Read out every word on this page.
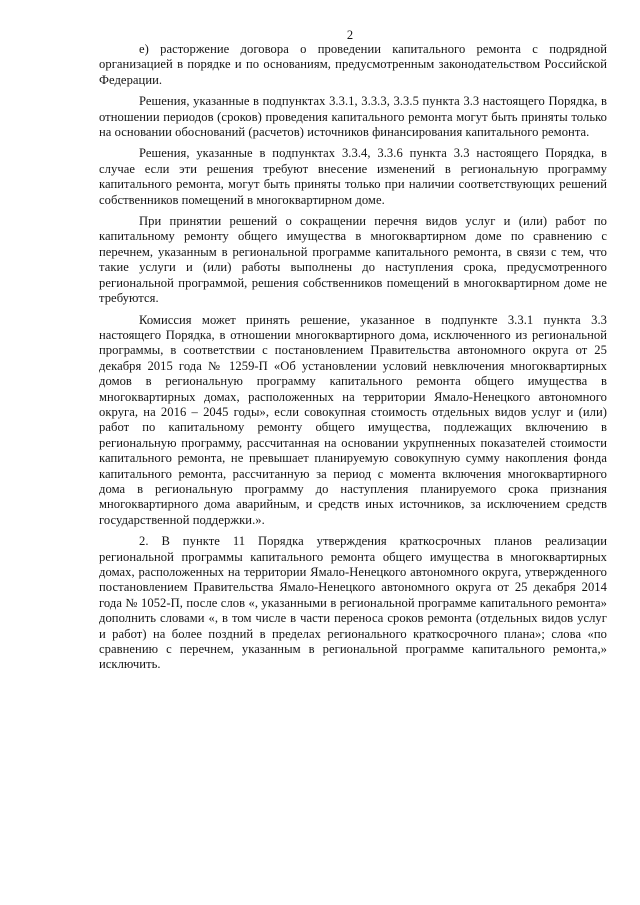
2

е) расторжение договора о проведении капитального ремонта с подрядной организацией в порядке и по основаниям, предусмотренным законодательством Российской Федерации.

Решения, указанные в подпунктах 3.3.1, 3.3.3, 3.3.5 пункта 3.3 настоящего Порядка, в отношении периодов (сроков) проведения капитального ремонта могут быть приняты только на основании обоснований (расчетов) источников финансирования капитального ремонта.

Решения, указанные в подпунктах 3.3.4, 3.3.6 пункта 3.3 настоящего Порядка, в случае если эти решения требуют внесение изменений в региональную программу капитального ремонта, могут быть приняты только при наличии соответствующих решений собственников помещений в многоквартирном доме.

При принятии решений о сокращении перечня видов услуг и (или) работ по капитальному ремонту общего имущества в многоквартирном доме по сравнению с перечнем, указанным в региональной программе капитального ремонта, в связи с тем, что такие услуги и (или) работы выполнены до наступления срока, предусмотренного региональной программой, решения собственников помещений в многоквартирном доме не требуются.

Комиссия может принять решение, указанное в подпункте 3.3.1 пункта 3.3 настоящего Порядка, в отношении многоквартирного дома, исключенного из региональной программы, в соответствии с постановлением Правительства автономного округа от 25 декабря 2015 года № 1259-П «Об установлении условий невключения многоквартирных домов в региональную программу капитального ремонта общего имущества в многоквартирных домах, расположенных на территории Ямало-Ненецкого автономного округа, на 2016 – 2045 годы», если совокупная стоимость отдельных видов услуг и (или) работ по капитальному ремонту общего имущества, подлежащих включению в региональную программу, рассчитанная на основании укрупненных показателей стоимости капитального ремонта, не превышает планируемую совокупную сумму накопления фонда капитального ремонта, рассчитанную за период с момента включения многоквартирного дома в региональную программу до наступления планируемого срока признания многоквартирного дома аварийным, и средств иных источников, за исключением средств государственной поддержки.».

2. В пункте 11 Порядка утверждения краткосрочных планов реализации региональной программы капитального ремонта общего имущества в многоквартирных домах, расположенных на территории Ямало-Ненецкого автономного округа, утвержденного постановлением Правительства Ямало-Ненецкого автономного округа от 25 декабря 2014 года № 1052-П, после слов «, указанными в региональной программе капитального ремонта» дополнить словами «, в том числе в части переноса сроков ремонта (отдельных видов услуг и работ) на более поздний в пределах регионального краткосрочного плана»; слова «по сравнению с перечнем, указанным в региональной программе капитального ремонта,» исключить.
